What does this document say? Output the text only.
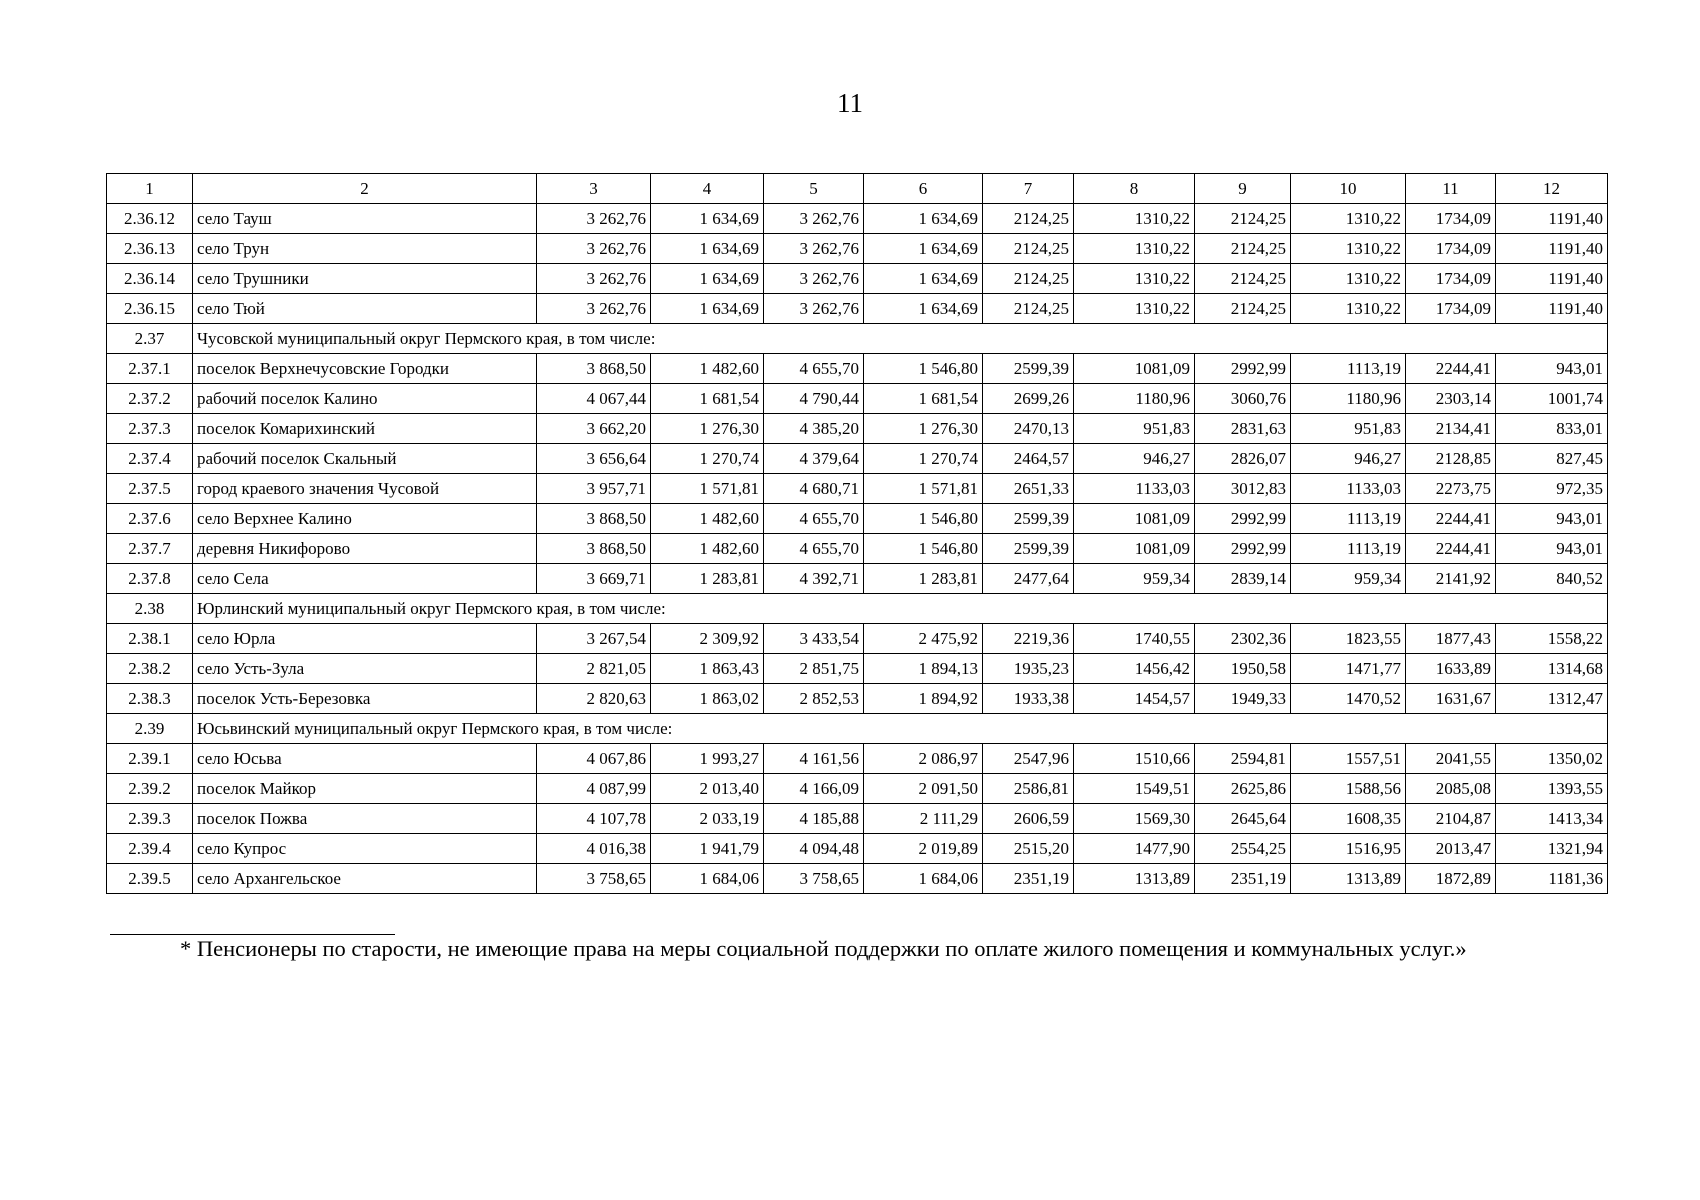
11
1	2	3	4	5	6	7	8	9	10	11	12
2.36.12	село Тауш	3 262,76	1 634,69	3 262,76	1 634,69	2124,25	1310,22	2124,25	1310,22	1734,09	1191,40
2.36.13	село Трун	3 262,76	1 634,69	3 262,76	1 634,69	2124,25	1310,22	2124,25	1310,22	1734,09	1191,40
2.36.14	село Трушники	3 262,76	1 634,69	3 262,76	1 634,69	2124,25	1310,22	2124,25	1310,22	1734,09	1191,40
2.36.15	село Тюй	3 262,76	1 634,69	3 262,76	1 634,69	2124,25	1310,22	2124,25	1310,22	1734,09	1191,40
2.37	Чусовской муниципальный округ Пермского края, в том числе:										
2.37.1	поселок Верхнечусовские Городки	3 868,50	1 482,60	4 655,70	1 546,80	2599,39	1081,09	2992,99	1113,19	2244,41	943,01
2.37.2	рабочий поселок Калино	4 067,44	1 681,54	4 790,44	1 681,54	2699,26	1180,96	3060,76	1180,96	2303,14	1001,74
2.37.3	поселок Комарихинский	3 662,20	1 276,30	4 385,20	1 276,30	2470,13	951,83	2831,63	951,83	2134,41	833,01
2.37.4	рабочий поселок Скальный	3 656,64	1 270,74	4 379,64	1 270,74	2464,57	946,27	2826,07	946,27	2128,85	827,45
2.37.5	город краевого значения Чусовой	3 957,71	1 571,81	4 680,71	1 571,81	2651,33	1133,03	3012,83	1133,03	2273,75	972,35
2.37.6	село Верхнее Калино	3 868,50	1 482,60	4 655,70	1 546,80	2599,39	1081,09	2992,99	1113,19	2244,41	943,01
2.37.7	деревня Никифорово	3 868,50	1 482,60	4 655,70	1 546,80	2599,39	1081,09	2992,99	1113,19	2244,41	943,01
2.37.8	село Села	3 669,71	1 283,81	4 392,71	1 283,81	2477,64	959,34	2839,14	959,34	2141,92	840,52
2.38	Юрлинский муниципальный округ Пермского края, в том числе:										
2.38.1	село Юрла	3 267,54	2 309,92	3 433,54	2 475,92	2219,36	1740,55	2302,36	1823,55	1877,43	1558,22
2.38.2	село Усть-Зула	2 821,05	1 863,43	2 851,75	1 894,13	1935,23	1456,42	1950,58	1471,77	1633,89	1314,68
2.38.3	поселок Усть-Березовка	2 820,63	1 863,02	2 852,53	1 894,92	1933,38	1454,57	1949,33	1470,52	1631,67	1312,47
2.39	Юсьвинский муниципальный округ Пермского края, в том числе:										
2.39.1	село Юсьва	4 067,86	1 993,27	4 161,56	2 086,97	2547,96	1510,66	2594,81	1557,51	2041,55	1350,02
2.39.2	поселок Майкор	4 087,99	2 013,40	4 166,09	2 091,50	2586,81	1549,51	2625,86	1588,56	2085,08	1393,55
2.39.3	поселок Пожва	4 107,78	2 033,19	4 185,88	2 111,29	2606,59	1569,30	2645,64	1608,35	2104,87	1413,34
2.39.4	село Купрос	4 016,38	1 941,79	4 094,48	2 019,89	2515,20	1477,90	2554,25	1516,95	2013,47	1321,94
2.39.5	село Архангельское	3 758,65	1 684,06	3 758,65	1 684,06	2351,19	1313,89	2351,19	1313,89	1872,89	1181,36
* Пенсионеры по старости, не имеющие права на меры социальной поддержки по оплате жилого помещения и коммунальных услуг.»
